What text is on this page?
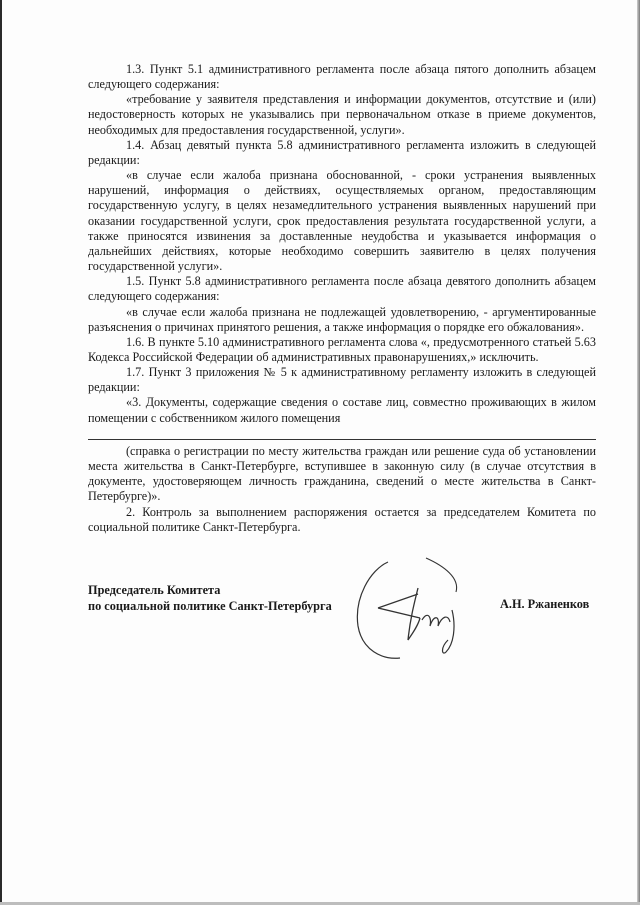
1.3. Пункт 5.1 административного регламента после абзаца пятого дополнить абзацем следующего содержания:

«требование у заявителя представления и информации документов, отсутствие и (или) недостоверность которых не указывались при первоначальном отказе в приеме документов, необходимых для предоставления государственной, услуги».

1.4. Абзац девятый пункта 5.8 административного регламента изложить в следующей редакции:

«в случае если жалоба признана обоснованной, - сроки устранения выявленных нарушений, информация о действиях, осуществляемых органом, предоставляющим государственную услугу, в целях незамедлительного устранения выявленных нарушений при оказании государственной услуги, срок предоставления результата государственной услуги, а также приносятся извинения за доставленные неудобства и указывается информация о дальнейших действиях, которые необходимо совершить заявителю в целях получения государственной услуги».

1.5. Пункт 5.8 административного регламента после абзаца девятого дополнить абзацем следующего содержания:

«в случае если жалоба признана не подлежащей удовлетворению, - аргументированные разъяснения о причинах принятого решения, а также информация о порядке его обжалования».

1.6. В пункте 5.10 административного регламента слова «, предусмотренного статьей 5.63 Кодекса Российской Федерации об административных правонарушениях,» исключить.

1.7. Пункт 3 приложения № 5 к административному регламенту изложить в следующей редакции:

«3. Документы, содержащие сведения о составе лиц, совместно проживающих в жилом помещении с собственником жилого помещения

(справка о регистрации по месту жительства граждан или решение суда об установлении места жительства в Санкт-Петербурге, вступившее в законную силу (в случае отсутствия в документе, удостоверяющем личность гражданина, сведений о месте жительства в Санкт-Петербурге)».

2. Контроль за выполнением распоряжения остается за председателем Комитета по социальной политике Санкт-Петербурга.

Председатель Комитета
по социальной политике Санкт-Петербурга	А.Н. Ржаненков
